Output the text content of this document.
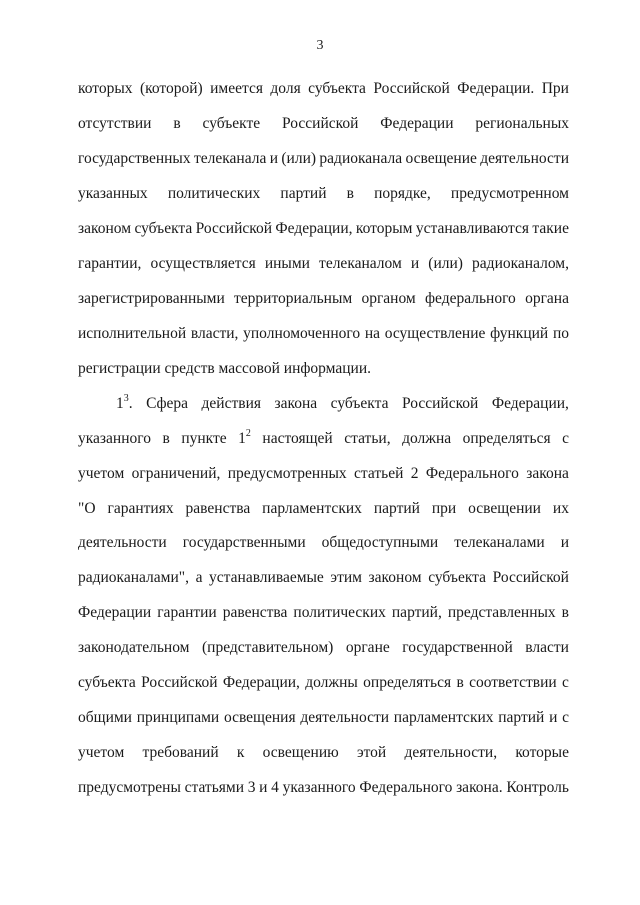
3
которых (которой) имеется доля субъекта Российской Федерации. При
отсутствии в субъекте Российской Федерации региональных
государственных телеканала и (или) радиоканала освещение деятельности
указанных политических партий в порядке, предусмотренном
законом субъекта Российской Федерации, которым устанавливаются такие
гарантии, осуществляется иными телеканалом и (или) радиоканалом,
зарегистрированными территориальным органом федерального органа
исполнительной власти, уполномоченного на осуществление функций по
регистрации средств массовой информации.
$1^3$. Сфера действия закона субъекта Российской Федерации,
указанного в пункте $1^2$ настоящей статьи, должна определяться с
учетом ограничений, предусмотренных статьей 2 Федерального закона
"О гарантиях равенства парламентских партий при освещении их
деятельности государственными общедоступными телеканалами и
радиоканалами", а устанавливаемые этим законом субъекта Российской
Федерации гарантии равенства политических партий, представленных в
законодательном (представительном) органе государственной власти
субъекта Российской Федерации, должны определяться в соответствии с
общими принципами освещения деятельности парламентских партий и с
учетом требований к освещению этой деятельности, которые
предусмотрены статьями 3 и 4 указанного Федерального закона. Контроль
